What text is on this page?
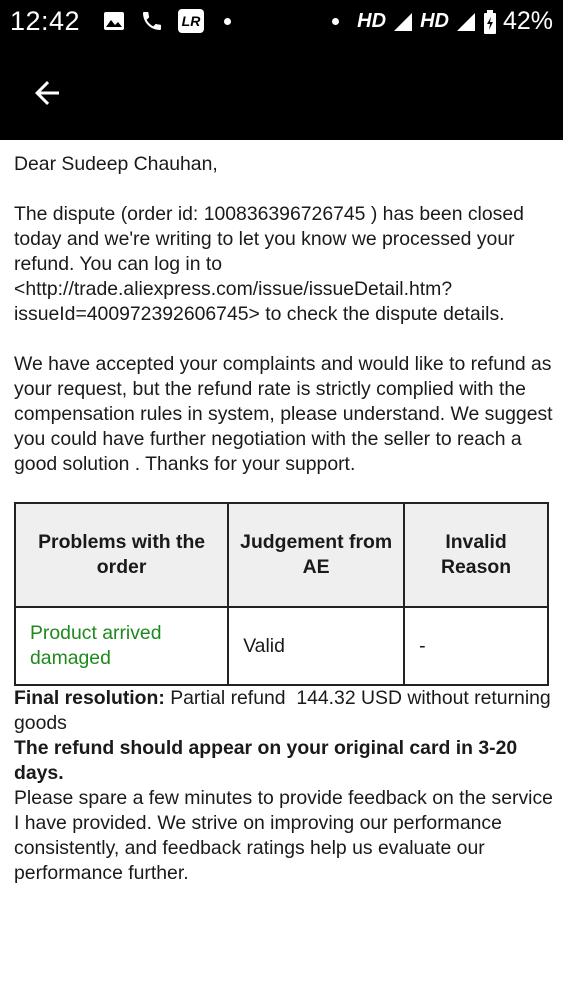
12:42	LR	HD HD 42%

Dear Sudeep Chauhan,

The dispute (order id: 100836396726745 ) has been closed today and we're writing to let you know we processed your refund. You can log in to <http://trade.aliexpress.com/issue/issueDetail.htm?issueId=400972392606745> to check the dispute details.

We have accepted your complaints and would like to refund as your request, but the refund rate is strictly complied with the compensation rules in system, please understand. We suggest you could have further negotiation with the seller to reach a good solution . Thanks for your support.

Problems with the order	Judgement from AE	Invalid Reason
Product arrived damaged	Valid	-

Final resolution: Partial refund  144.32 USD without returning goods

The refund should appear on your original card in 3-20 days.

Please spare a few minutes to provide feedback on the service I have provided. We strive on improving our performance consistently, and feedback ratings help us evaluate our performance further.
